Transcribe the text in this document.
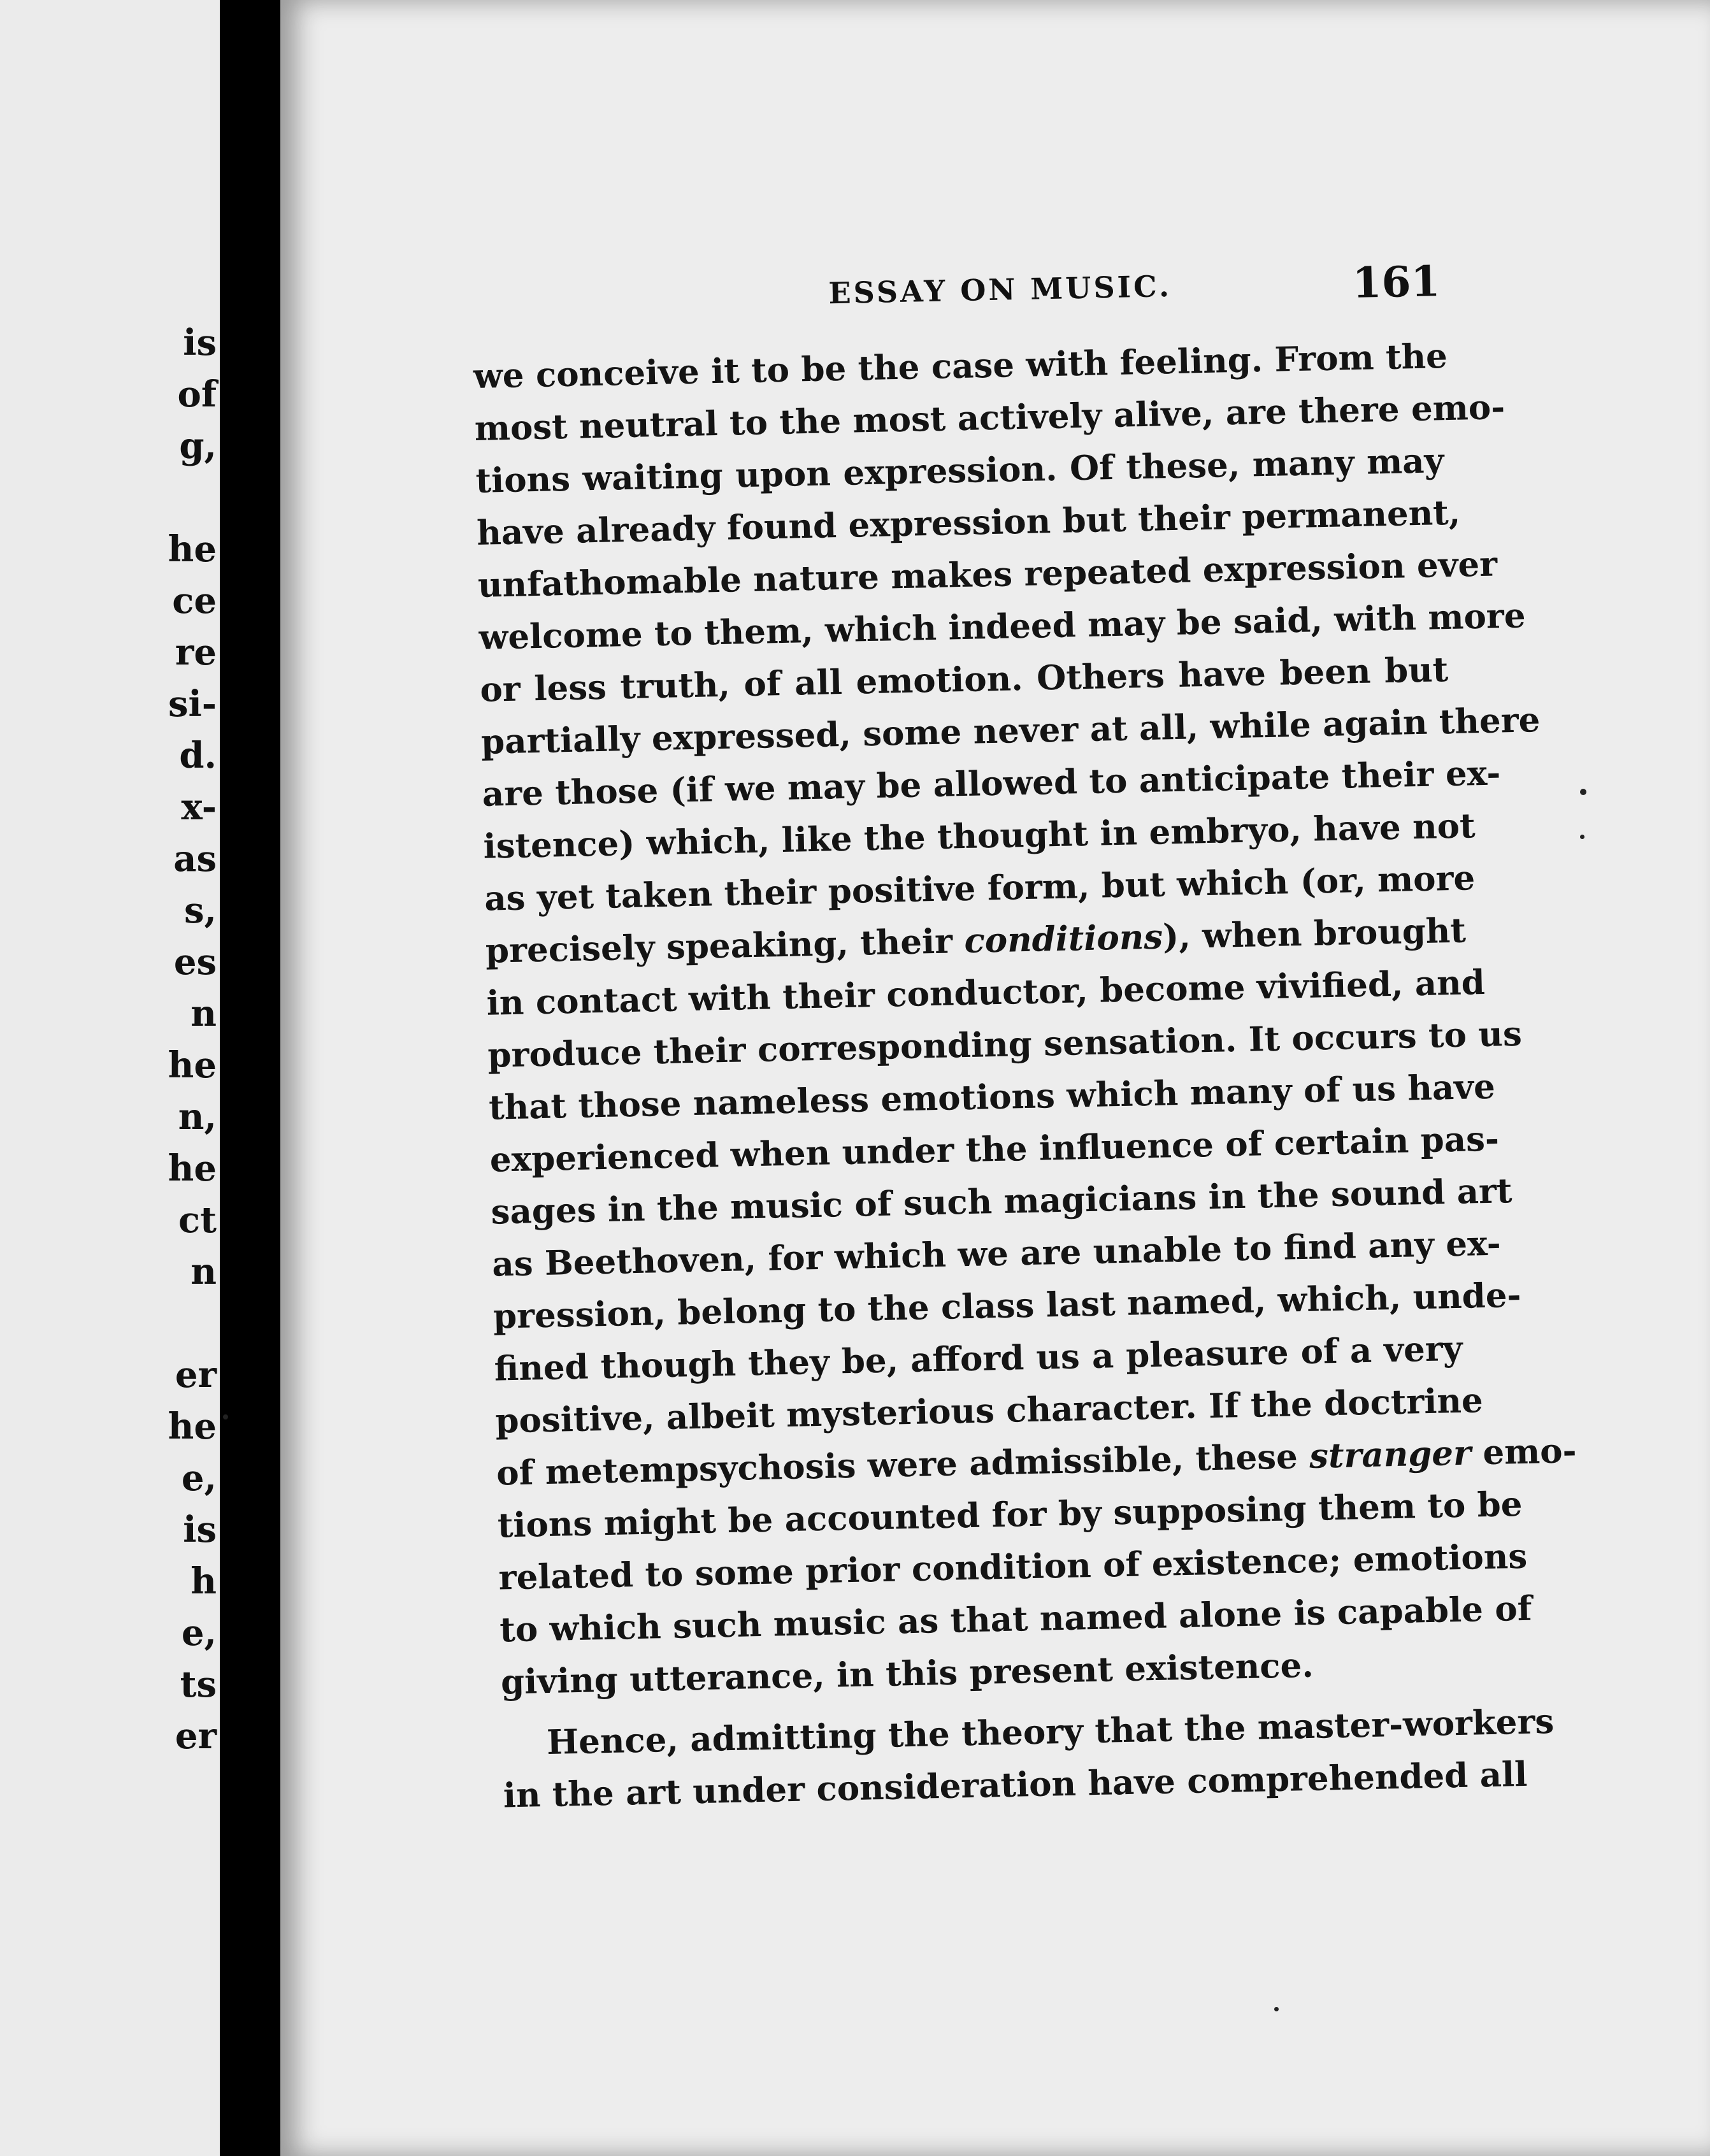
is
of
g,
he
ce
re
si-
d.
x-
as
s,
es
n
he
n,
he
ct
n
er
he
e,
is
h
e,
ts
er
ESSAY ON MUSIC.	161

we conceive it to be the case with feeling. From the
most neutral to the most actively alive, are there emo-
tions waiting upon expression. Of these, many may
have already found expression but their permanent,
unfathomable nature makes repeated expression ever
welcome to them, which indeed may be said, with more
or less truth, of all emotion. Others have been but
partially expressed, some never at all, while again there
are those (if we may be allowed to anticipate their ex-
istence) which, like the thought in embryo, have not
as yet taken their positive form, but which (or, more
precisely speaking, their conditions), when brought
in contact with their conductor, become vivified, and
produce their corresponding sensation. It occurs to us
that those nameless emotions which many of us have
experienced when under the influence of certain pas-
sages in the music of such magicians in the sound art
as Beethoven, for which we are unable to find any ex-
pression, belong to the class last named, which, unde-
fined though they be, afford us a pleasure of a very
positive, albeit mysterious character. If the doctrine
of metempsychosis were admissible, these stranger emo-
tions might be accounted for by supposing them to be
related to some prior condition of existence; emotions
to which such music as that named alone is capable of
giving utterance, in this present existence.

Hence, admitting the theory that the master-workers
in the art under consideration have comprehended all
